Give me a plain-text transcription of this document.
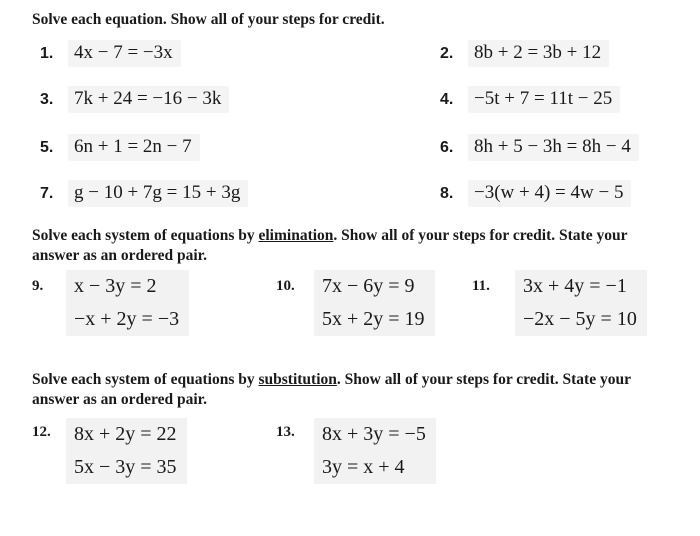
Solve each equation. Show all of your steps for credit.
1.	4x − 7 = −3x	2.	8b + 2 = 3b + 12
3.	7k + 24 = −16 − 3k	4.	−5t + 7 = 11t − 25
5.	6n + 1 = 2n − 7	6.	8h + 5 − 3h = 8h − 4
7.	g − 10 + 7g = 15 + 3g	8.	−3(w + 4) = 4w − 5
Solve each system of equations by elimination. Show all of your steps for credit. State your answer as an ordered pair.
9. x − 3y = 2
−x + 2y = −3
10. 7x − 6y = 9
5x + 2y = 19
11. 3x + 4y = −1
−2x − 5y = 10
Solve each system of equations by substitution. Show all of your steps for credit. State your answer as an ordered pair.
12. 8x + 2y = 22
5x − 3y = 35
13. 8x + 3y = −5
3y = x + 4
